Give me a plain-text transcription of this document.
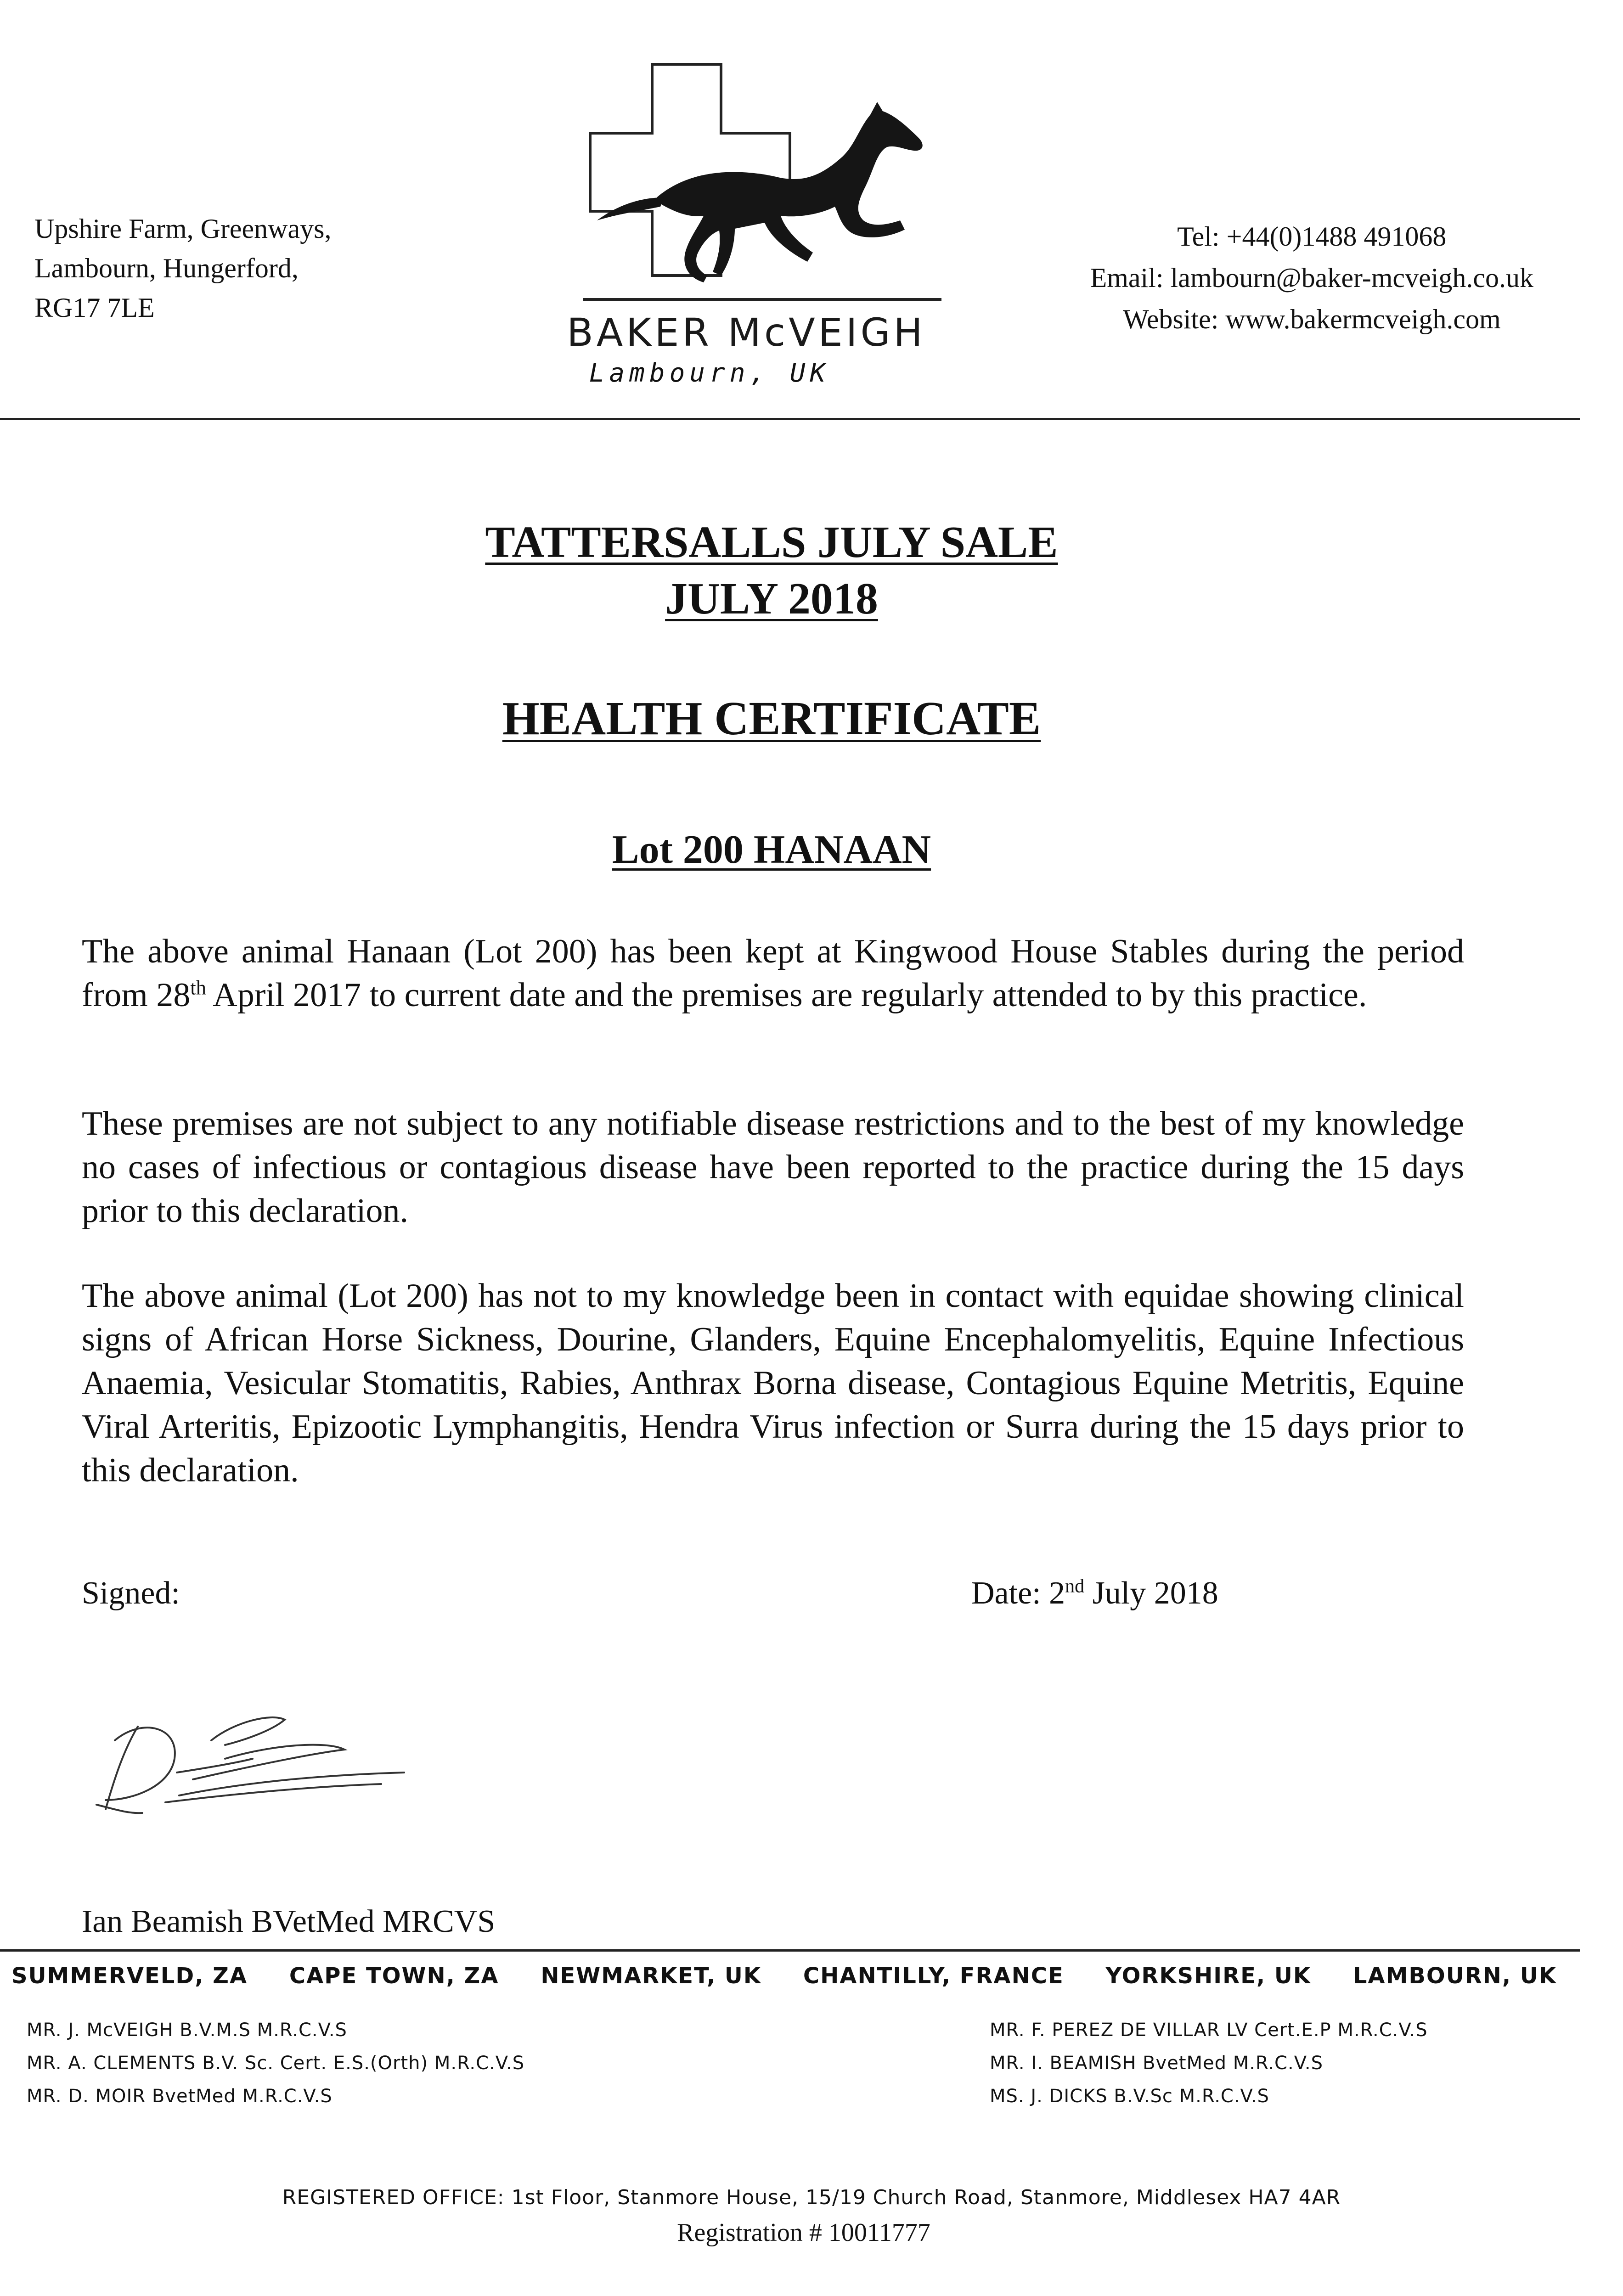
Upshire Farm, Greenways,
Lambourn, Hungerford,
RG17 7LE
BAKER McVEIGH
Lambourn, UK
Tel: +44(0)1488 491068
Email: lambourn@baker-mcveigh.co.uk
Website: www.bakermcveigh.com
TATTERSALLS JULY SALE
JULY 2018
HEALTH CERTIFICATE
Lot 200 HANAAN
The above animal Hanaan (Lot 200) has been kept at Kingwood House Stables during the period from 28th April 2017 to current date and the premises are regularly attended to by this practice.
These premises are not subject to any notifiable disease restrictions and to the best of my knowledge no cases of infectious or contagious disease have been reported to the practice during the 15 days prior to this declaration.
The above animal (Lot 200) has not to my knowledge been in contact with equidae showing clinical signs of African Horse Sickness, Dourine, Glanders, Equine Encephalomyelitis, Equine Infectious Anaemia, Vesicular Stomatitis, Rabies, Anthrax Borna disease, Contagious Equine Metritis, Equine Viral Arteritis, Epizootic Lymphangitis, Hendra Virus infection or Surra during the 15 days prior to this declaration.
Signed:	Date: 2nd July 2018
Ian Beamish BVetMed MRCVS
SUMMERVELD, ZA CAPE TOWN, ZA NEWMARKET, UK CHANTILLY, FRANCE YORKSHIRE, UK LAMBOURN, UK
MR. J. McVEIGH B.V.M.S M.R.C.V.S
MR. A. CLEMENTS B.V. Sc. Cert. E.S.(Orth) M.R.C.V.S
MR. D. MOIR BvetMed M.R.C.V.S
MR. F. PEREZ DE VILLAR LV Cert.E.P M.R.C.V.S
MR. I. BEAMISH BvetMed M.R.C.V.S
MS. J. DICKS B.V.Sc M.R.C.V.S
REGISTERED OFFICE: 1st Floor, Stanmore House, 15/19 Church Road, Stanmore, Middlesex HA7 4AR
Registration # 10011777
